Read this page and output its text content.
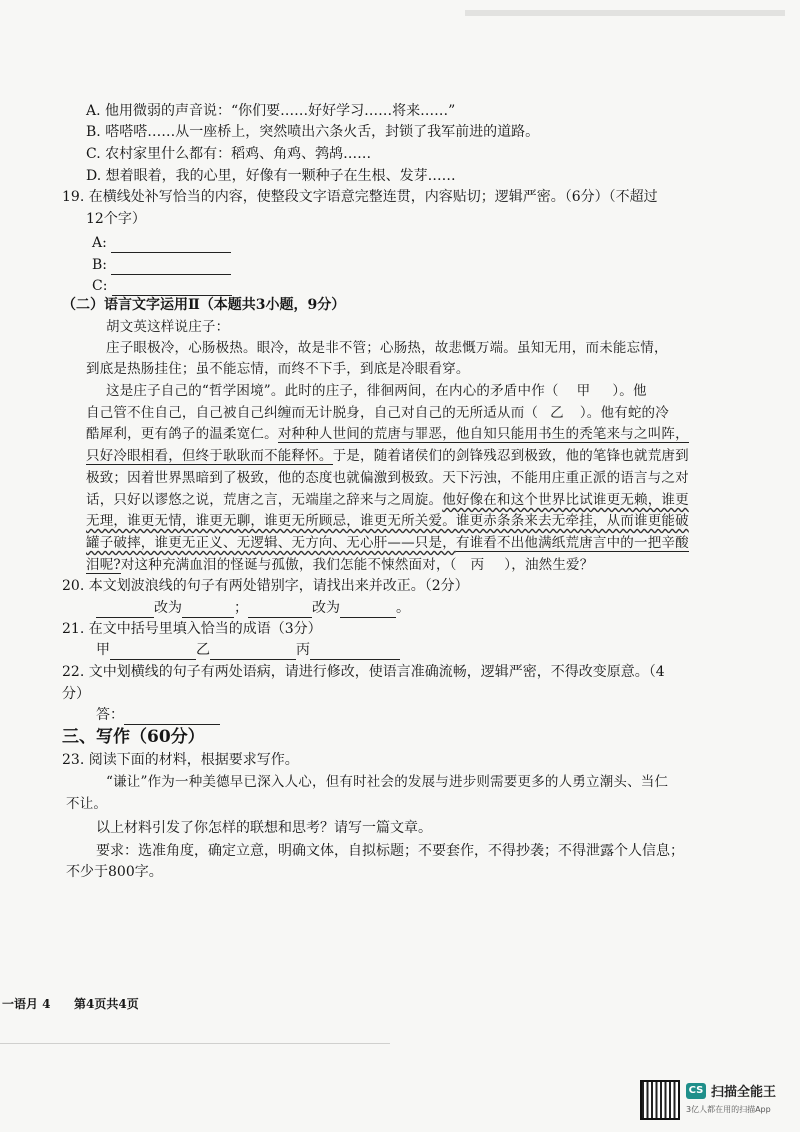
A. 他用微弱的声音说：“你们要……好好学习……将来……”
B. 嗒嗒嗒……从一座桥上，突然喷出六条火舌，封锁了我军前进的道路。
C. 农村家里什么都有：稻鸡、角鸡、鹁鸪……
D. 想着眼着，我的心里，好像有一颗种子在生根、发芽……
19. 在横线处补写恰当的内容，使整段文字语意完整连贯，内容贴切；逻辑严密。（6分）（不超过
12个字）
A:
B:
C:
（二）语言文字运用Ⅱ（本题共3小题，9分）
胡文英这样说庄子：
庄子眼极冷，心肠极热。眼冷，故是非不管；心肠热，故悲慨万端。虽知无用，而未能忘情，
到底是热肠挂住；虽不能忘情，而终不下手，到底是冷眼看穿。
这是庄子自己的“哲学困境”。此时的庄子，徘徊两间，在内心的矛盾中作（ 甲 ）。他
自己管不住自己，自己被自己纠缠而无计脱身，自己对自己的无所适从而（ 乙 ）。他有蛇的冷
酷犀利，更有鸽子的温柔宽仁。对种种人世间的荒唐与罪恶，他自知只能用书生的秃笔来与之叫阵，
只好冷眼相看，但终于耿耿而不能释怀。于是，随着诸侯们的剑锋残忍到极致，他的笔锋也就荒唐到
极致；因着世界黑暗到了极致，他的态度也就偏激到极致。天下污浊，不能用庄重正派的语言与之对
话，只好以谬悠之说，荒唐之言，无端崖之辞来与之周旋。他好像在和这个世界比试谁更无赖，谁更
无理，谁更无情，谁更无聊，谁更无所顾忌，谁更无所关爱。谁更赤条条来去无牵挂，从而谁更能破
罐子破摔，谁更无正义、无逻辑、无方向、无心肝——只是，有谁看不出他满纸荒唐言中的一把辛酸
泪呢?对这种充满血泪的怪诞与孤傲，我们怎能不悚然面对，（ 丙 ），油然生爱？
20. 本文划波浪线的句子有两处错别字，请找出来并改正。（2分）
改为	；	改为	。
21. 在文中括号里填入恰当的成语（3分）
甲	乙	丙
22. 文中划横线的句子有两处语病，请进行修改，使语言准确流畅，逻辑严密，不得改变原意。（4
分）
答：
三、写作（60分）
23. 阅读下面的材料，根据要求写作。
“谦让”作为一种美德早已深入人心，但有时社会的发展与进步则需要更多的人勇立潮头、当仁
不让。
以上材料引发了你怎样的联想和思考？请写一篇文章。
要求：选准角度，确定立意，明确文体，自拟标题；不要套作，不得抄袭；不得泄露个人信息；
不少于800字。
一语月 4 第4页共4页
CS 扫描全能王
3亿人都在用的扫描App
